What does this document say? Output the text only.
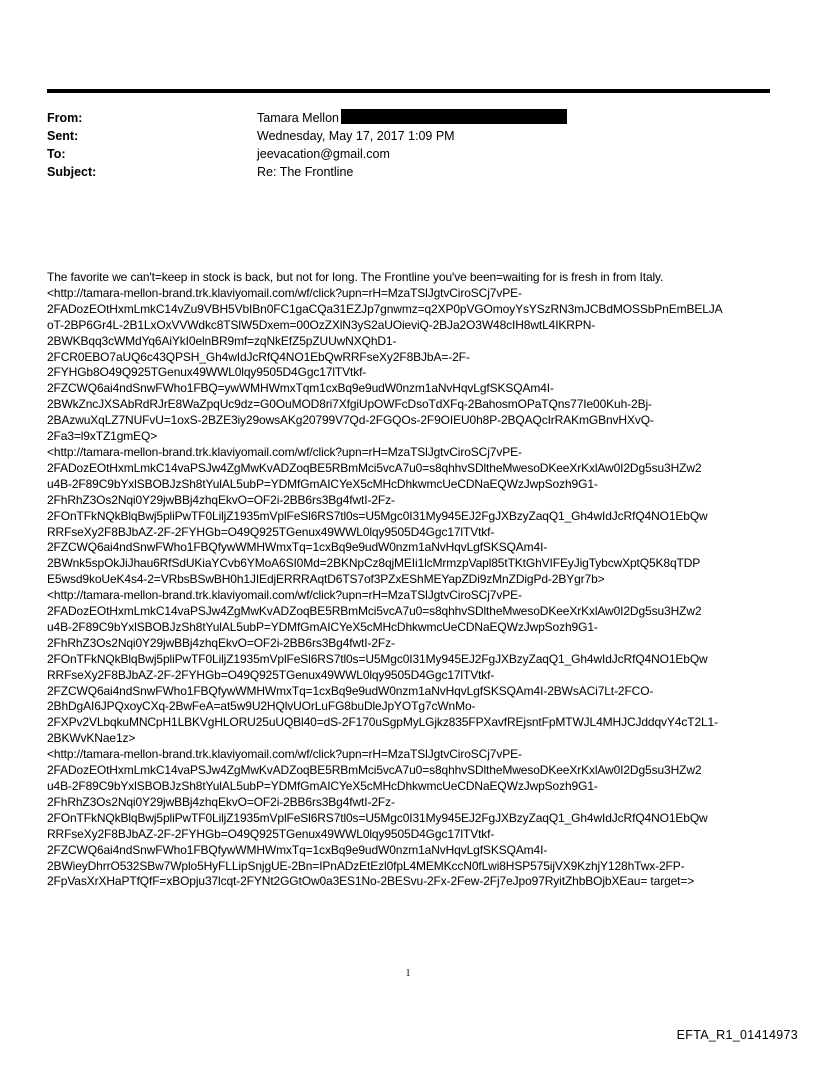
From:	Tamara Mellon
Sent:	Wednesday, May 17, 2017 1:09 PM
To:	jeevacation@gmail.com
Subject:	Re: The Frontline
The favorite we can't=keep in stock is back, but not for long. The Frontline you've been=waiting for is fresh in from Italy.
<http://tamara-mellon-brand.trk.klaviyomail.com/wf/click?upn=rH=MzaTSlJgtvCiroSCj7vPE-
2FADozEOtHxmLmkC14vZu9VBH5VbIBn0FC1gaCQa31EZJp7gnwmz=q2XP0pVGOmoyYsYSzRN3mJCBdMOSSbPnEmBELJA
oT-2BP6Gr4L-2B1LxOxVVWdkc8TSlW5Dxem=00OzZXlN3yS2aUOieviQ-2BJa2O3W48cIH8wtL4IKRPN-
2BWKBqq3cWMdYq6AiYkI0elnBR9mf=zqNkEfZ5pZUUwNXQhD1-
2FCR0EBO7aUQ6c43QPSH_Gh4wIdJcRfQ4NO1EbQwRRFseXy2F8BJbA=-2F-
2FYHGb8O49Q925TGenux49WWL0lqy9505D4Ggc17lTVtkf-
2FZCWQ6ai4ndSnwFWho1FBQ=ywWMHWmxTqm1cxBq9e9udW0nzm1aNvHqvLgfSKSQAm4I-
2BWkZncJXSAbRdRJrE8WaZpqUc9dz=G0OuMOD8ri7XfgiUpOWFcDsoTdXFq-2BahosmOPaTQns77Ie00Kuh-2Bj-
2BAzwuXqLZ7NUFvU=1oxS-2BZE3iy29owsAKg20799V7Qd-2FGQOs-2F9OIEU0h8P-2BQAQcIrRAKmGBnvHXvQ-
2Fa3=l9xTZ1gmEQ>
<http://tamara-mellon-brand.trk.klaviyomail.com/wf/click?upn=rH=MzaTSlJgtvCiroSCj7vPE-
2FADozEOtHxmLmkC14vaPSJw4ZgMwKvADZoqBE5RBmMci5vcA7u0=s8qhhvSDltheMwesoDKeeXrKxlAw0I2Dg5su3HZw2
u4B-2F89C9bYxlSBOBJzSh8tYulAL5ubP=YDMfGmAICYeX5cMHcDhkwmcUeCDNaEQWzJwpSozh9G1-
2FhRhZ3Os2Nqi0Y29jwBBj4zhqEkvO=OF2i-2BB6rs3Bg4fwtI-2Fz-
2FOnTFkNQkBlqBwj5pliPwTF0LiljZ1935mVplFeSl6RS7tl0s=U5Mgc0I31My945EJ2FgJXBzyZaqQ1_Gh4wIdJcRfQ4NO1EbQw
RRFseXy2F8BJbAZ-2F-2FYHGb=O49Q925TGenux49WWL0lqy9505D4Ggc17lTVtkf-
2FZCWQ6ai4ndSnwFWho1FBQfywWMHWmxTq=1cxBq9e9udW0nzm1aNvHqvLgfSKSQAm4I-
2BWnk5spOkJiJhau6RfSdUKiaYCvb6YMoA6SI0Md=2BKNpCz8qjMEIi1lcMrmzpVapl85tTKtGhVIFEyJigTybcwXptQ5K8qTDP
E5wsd9koUeK4s4-2=VRbsBSwBH0h1JIEdjERRRAqtD6TS7of3PZxEShMEYapZDi9zMnZDigPd-2BYgr7b>
<http://tamara-mellon-brand.trk.klaviyomail.com/wf/click?upn=rH=MzaTSlJgtvCiroSCj7vPE-
2FADozEOtHxmLmkC14vaPSJw4ZgMwKvADZoqBE5RBmMci5vcA7u0=s8qhhvSDltheMwesoDKeeXrKxlAw0I2Dg5su3HZw2
u4B-2F89C9bYxlSBOBJzSh8tYulAL5ubP=YDMfGmAICYeX5cMHcDhkwmcUeCDNaEQWzJwpSozh9G1-
2FhRhZ3Os2Nqi0Y29jwBBj4zhqEkvO=OF2i-2BB6rs3Bg4fwtI-2Fz-
2FOnTFkNQkBlqBwj5pliPwTF0LiljZ1935mVplFeSl6RS7tl0s=U5Mgc0I31My945EJ2FgJXBzyZaqQ1_Gh4wIdJcRfQ4NO1EbQw
RRFseXy2F8BJbAZ-2F-2FYHGb=O49Q925TGenux49WWL0lqy9505D4Ggc17lTVtkf-
2FZCWQ6ai4ndSnwFWho1FBQfywWMHWmxTq=1cxBq9e9udW0nzm1aNvHqvLgfSKSQAm4I-2BWsACi7Lt-2FCO-
2BhDgAI6JPQxoyCXq-2BwFeA=at5w9U2HQlvUOrLuFG8buDleJpYOTg7cWnMo-
2FXPv2VLbqkuMNCpH1LBKVgHLORU25uUQBl40=dS-2F170uSgpMyLGjkz835FPXavfREjsntFpMTWJL4MHJCJddqvY4cT2L1-
2BKWvKNae1z>
<http://tamara-mellon-brand.trk.klaviyomail.com/wf/click?upn=rH=MzaTSlJgtvCiroSCj7vPE-
2FADozEOtHxmLmkC14vaPSJw4ZgMwKvADZoqBE5RBmMci5vcA7u0=s8qhhvSDltheMwesoDKeeXrKxlAw0I2Dg5su3HZw2
u4B-2F89C9bYxlSBOBJzSh8tYulAL5ubP=YDMfGmAICYeX5cMHcDhkwmcUeCDNaEQWzJwpSozh9G1-
2FhRhZ3Os2Nqi0Y29jwBBj4zhqEkvO=OF2i-2BB6rs3Bg4fwtI-2Fz-
2FOnTFkNQkBlqBwj5pliPwTF0LiljZ1935mVplFeSl6RS7tl0s=U5Mgc0I31My945EJ2FgJXBzyZaqQ1_Gh4wIdJcRfQ4NO1EbQw
RRFseXy2F8BJbAZ-2F-2FYHGb=O49Q925TGenux49WWL0lqy9505D4Ggc17lTVtkf-
2FZCWQ6ai4ndSnwFWho1FBQfywWMHWmxTq=1cxBq9e9udW0nzm1aNvHqvLgfSKSQAm4I-
2BWieyDhrrO532SBw7Wplo5HyFLLipSnjgUE-2Bn=IPnADzEtEzl0fpL4MEMKccN0fLwi8HSP575ijVX9KzhjY128hTwx-2FP-
2FpVasXrXHaPTfQfF=xBOpju37lcqt-2FYNt2GGtOw0a3ES1No-2BESvu-2Fx-2Few-2Fj7eJpo97RyitZhbBOjbXEau= target=>
1
EFTA_R1_01414973
